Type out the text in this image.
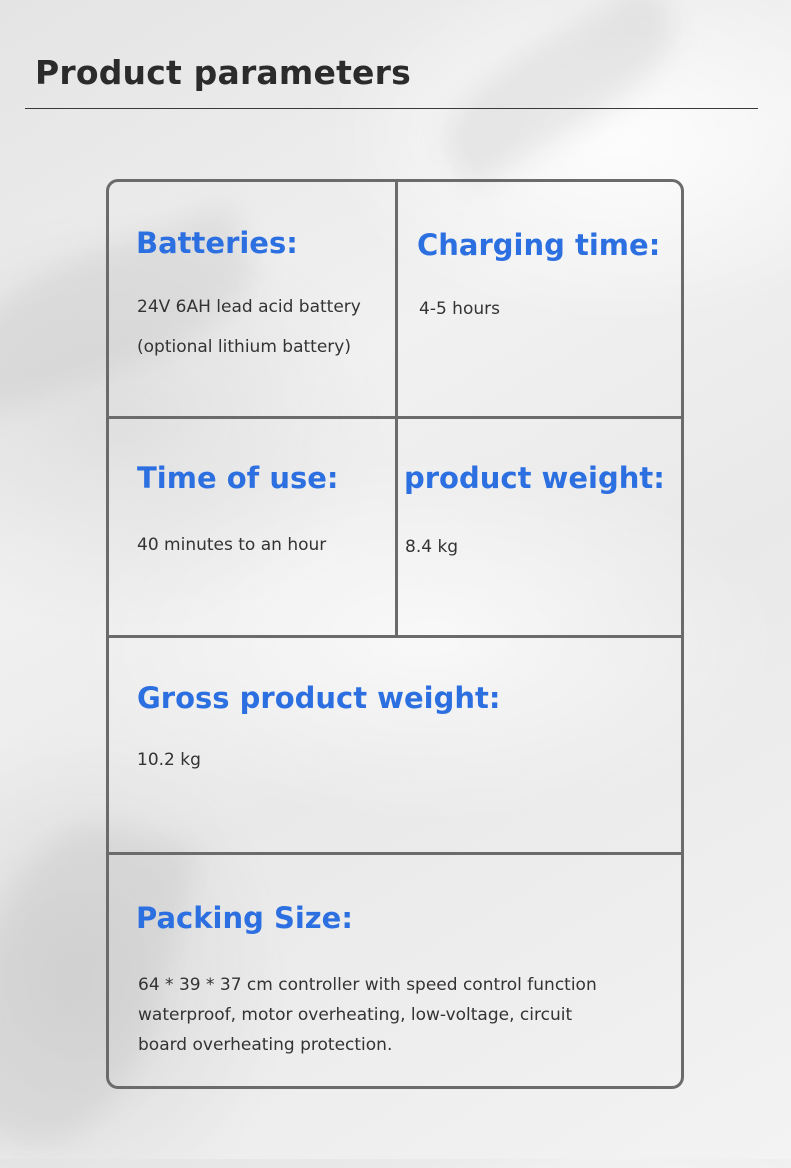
Product parameters

Batteries:

24V 6AH lead acid battery

(optional lithium battery)

Charging time:

4-5 hours

Time of use:

40 minutes to an hour

product weight:

8.4 kg

Gross product weight:

10.2 kg

Packing Size:

64 * 39 * 37 cm controller with speed control function
waterproof, motor overheating, low-voltage, circuit
board overheating protection.
